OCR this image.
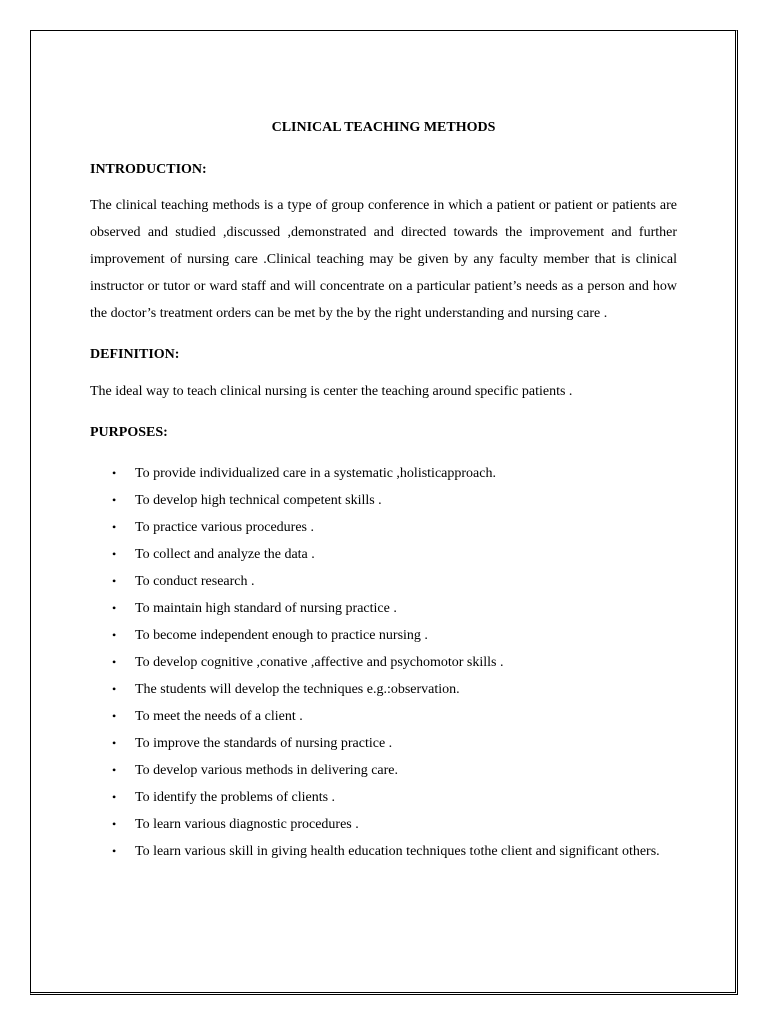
CLINICAL TEACHING METHODS
INTRODUCTION:

The clinical teaching methods is a type of group conference in which a patient or patient or patients are observed and studied ,discussed ,demonstrated and directed towards the improvement and further improvement of nursing care .Clinical teaching may be given by any faculty member that is clinical instructor or tutor or ward staff and will concentrate on a particular patient’s needs as a person and how the doctor’s treatment orders can be met by the by the right understanding and nursing care .

DEFINITION:

The ideal way to teach clinical nursing is center the teaching around specific patients .

PURPOSES:
• To provide individualized care in a systematic ,holisticapproach.
• To develop high technical competent skills .
• To practice various procedures .
• To collect and analyze the data .
• To conduct research .
• To maintain high standard of nursing practice .
• To become independent enough to practice nursing .
• To develop cognitive ,conative ,affective and psychomotor skills .
• The students will develop the techniques e.g.:observation.
• To meet the needs of a client .
• To improve the standards of nursing practice .
• To develop various methods in delivering care.
• To identify the problems of clients .
• To learn various diagnostic procedures .
• To learn various skill in giving health education techniques tothe client and significant others.
